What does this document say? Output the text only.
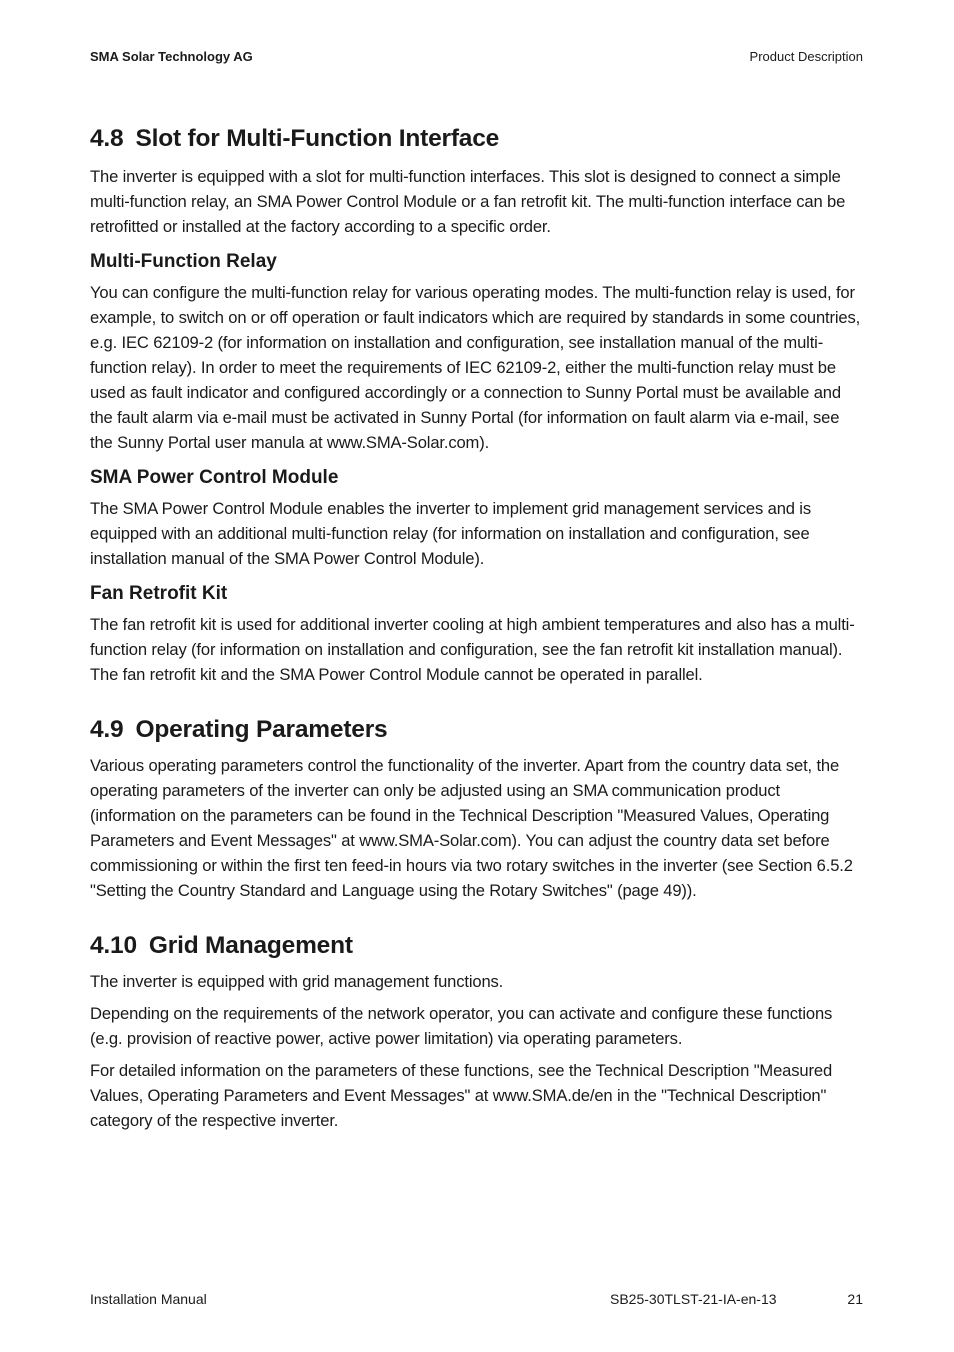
SMA Solar Technology AG	Product Description
4.8 Slot for Multi-Function Interface

The inverter is equipped with a slot for multi-function interfaces. This slot is designed to connect a simple multi-function relay, an SMA Power Control Module or a fan retrofit kit. The multi-function interface can be retrofitted or installed at the factory according to a specific order.

Multi-Function Relay

You can configure the multi-function relay for various operating modes. The multi-function relay is used, for example, to switch on or off operation or fault indicators which are required by standards in some countries, e.g. IEC 62109-2 (for information on installation and configuration, see installation manual of the multi-function relay). In order to meet the requirements of IEC 62109-2, either the multi-function relay must be used as fault indicator and configured accordingly or a connection to Sunny Portal must be available and the fault alarm via e-mail must be activated in Sunny Portal (for information on fault alarm via e-mail, see the Sunny Portal user manula at www.SMA-Solar.com).

SMA Power Control Module

The SMA Power Control Module enables the inverter to implement grid management services and is equipped with an additional multi-function relay (for information on installation and configuration, see installation manual of the SMA Power Control Module).

Fan Retrofit Kit

The fan retrofit kit is used for additional inverter cooling at high ambient temperatures and also has a multi-function relay (for information on installation and configuration, see the fan retrofit kit installation manual). The fan retrofit kit and the SMA Power Control Module cannot be operated in parallel.

4.9 Operating Parameters

Various operating parameters control the functionality of the inverter. Apart from the country data set, the operating parameters of the inverter can only be adjusted using an SMA communication product (information on the parameters can be found in the Technical Description "Measured Values, Operating Parameters and Event Messages" at www.SMA-Solar.com). You can adjust the country data set before commissioning or within the first ten feed-in hours via two rotary switches in the inverter (see Section 6.5.2 "Setting the Country Standard and Language using the Rotary Switches" (page 49)).

4.10 Grid Management

The inverter is equipped with grid management functions.

Depending on the requirements of the network operator, you can activate and configure these functions (e.g. provision of reactive power, active power limitation) via operating parameters.

For detailed information on the parameters of these functions, see the Technical Description "Measured Values, Operating Parameters and Event Messages" at www.SMA.de/en in the "Technical Description" category of the respective inverter.

Installation Manual	SB25-30TLST-21-IA-en-13	21
